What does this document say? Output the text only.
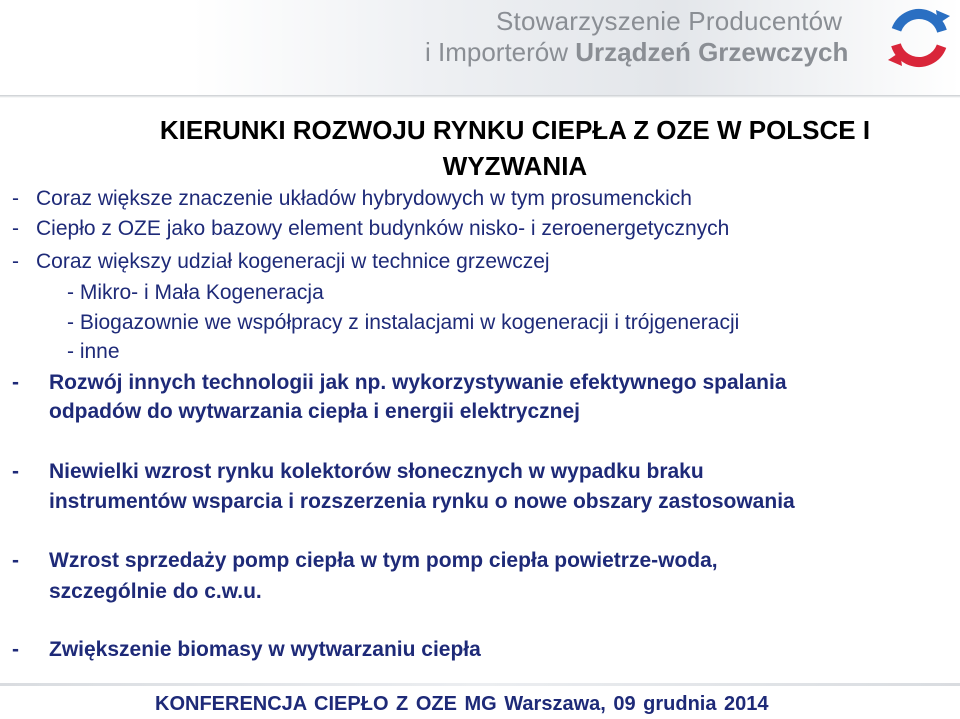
Stowarzyszenie Producentów
i Importerów Urządzeń Grzewczych
KIERUNKI ROZWOJU RYNKU CIEPŁA Z OZE W POLSCE I
WYZWANIA
- Coraz większe znaczenie układów hybrydowych w tym prosumenckich
- Ciepło z OZE jako bazowy element budynków nisko- i zeroenergetycznych
- Coraz większy udział kogeneracji w technice grzewczej
- Mikro- i Mała Kogeneracja
- Biogazownie we współpracy z instalacjami w kogeneracji i trójgeneracji
- inne
- Rozwój innych technologii jak np. wykorzystywanie efektywnego spalania
odpadów do wytwarzania ciepła i energii elektrycznej
- Niewielki wzrost rynku kolektorów słonecznych w wypadku braku
instrumentów wsparcia i rozszerzenia rynku o nowe obszary zastosowania
- Wzrost sprzedaży pomp ciepła w tym pomp ciepła powietrze-woda,
szczególnie do c.w.u.
- Zwiększenie biomasy w wytwarzaniu ciepła
KONFERENCJA CIEPŁO Z OZE MG Warszawa, 09 grudnia 2014
